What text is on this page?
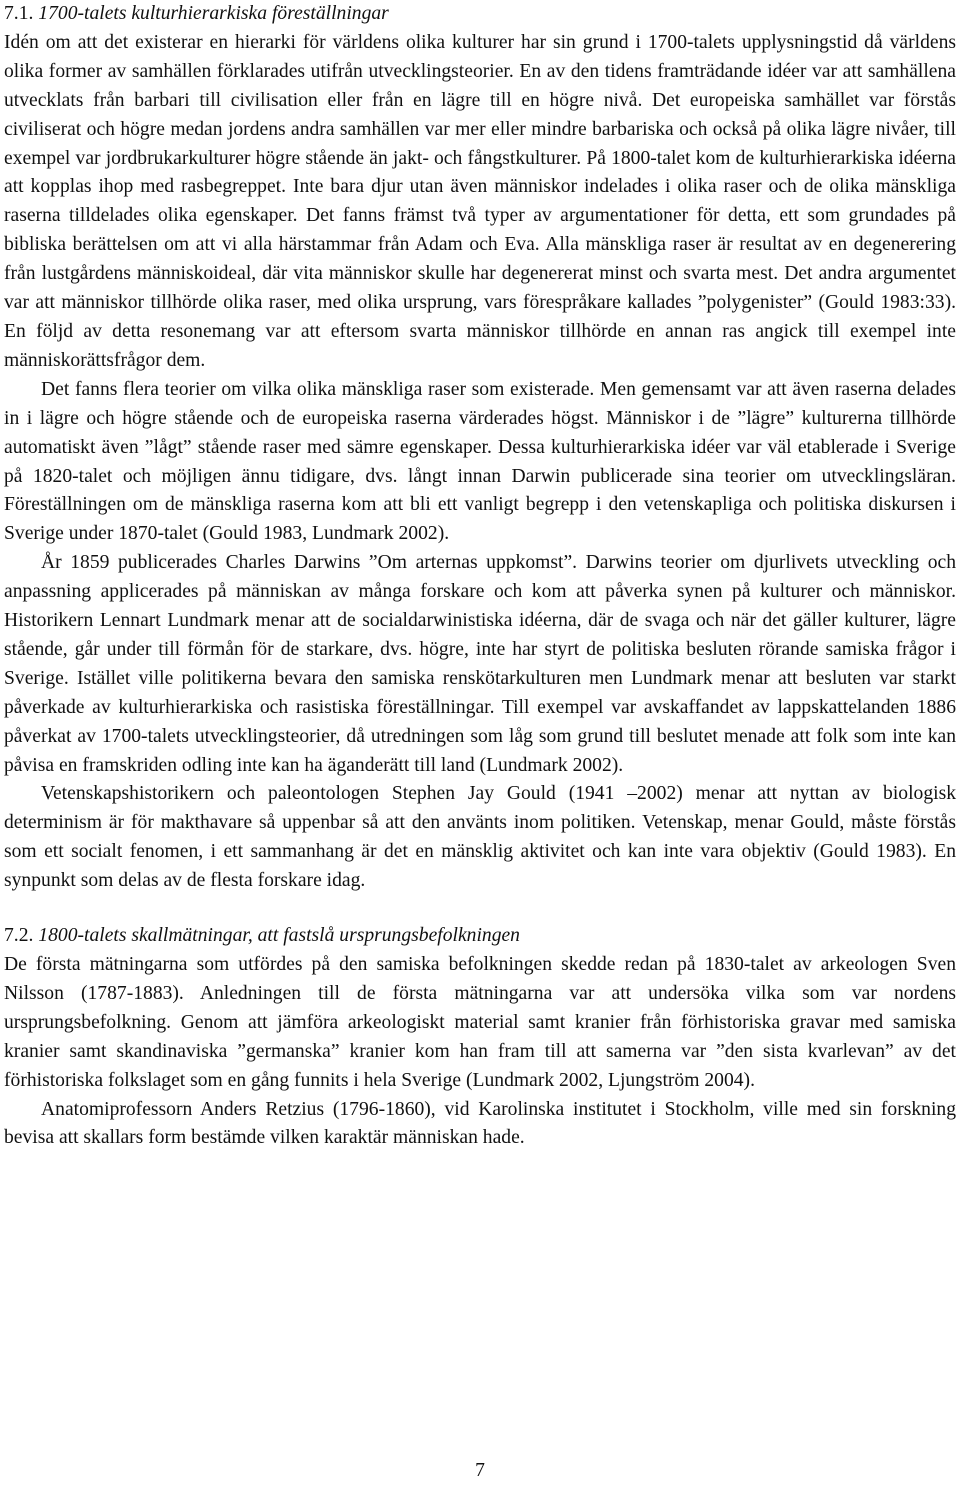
7.1. 1700-talets kulturhierarkiska föreställningar

Idén om att det existerar en hierarki för världens olika kulturer har sin grund i 1700-talets upplysningstid då världens olika former av samhällen förklarades utifrån utvecklingsteorier. En av den tidens framträdande idéer var att samhällena utvecklats från barbari till civilisation eller från en lägre till en högre nivå. Det europeiska samhället var förstås civiliserat och högre medan jordens andra samhällen var mer eller mindre barbariska och också på olika lägre nivåer, till exempel var jordbrukarkulturer högre stående än jakt- och fångstkulturer. På 1800-talet kom de kulturhierarkiska idéerna att kopplas ihop med rasbegreppet. Inte bara djur utan även människor indelades i olika raser och de olika mänskliga raserna tilldelades olika egenskaper. Det fanns främst två typer av argumentationer för detta, ett som grundades på bibliska berättelsen om att vi alla härstammar från Adam och Eva. Alla mänskliga raser är resultat av en degenerering från lustgårdens människoideal, där vita människor skulle har degenererat minst och svarta mest. Det andra argumentet var att människor tillhörde olika raser, med olika ursprung, vars förespråkare kallades ”polygenister” (Gould 1983:33). En följd av detta resonemang var att eftersom svarta människor tillhörde en annan ras angick till exempel inte människorättsfrågor dem.

Det fanns flera teorier om vilka olika mänskliga raser som existerade. Men gemensamt var att även raserna delades in i lägre och högre stående och de europeiska raserna värderades högst. Människor i de ”lägre” kulturerna tillhörde automatiskt även ”lågt” stående raser med sämre egenskaper. Dessa kulturhierarkiska idéer var väl etablerade i Sverige på 1820-talet och möjligen ännu tidigare, dvs. långt innan Darwin publicerade sina teorier om utvecklingsläran. Föreställningen om de mänskliga raserna kom att bli ett vanligt begrepp i den vetenskapliga och politiska diskursen i Sverige under 1870-talet (Gould 1983, Lundmark 2002).

År 1859 publicerades Charles Darwins ”Om arternas uppkomst”. Darwins teorier om djurlivets utveckling och anpassning applicerades på människan av många forskare och kom att påverka synen på kulturer och människor. Historikern Lennart Lundmark menar att de socialdarwinistiska idéerna, där de svaga och när det gäller kulturer, lägre stående, går under till förmån för de starkare, dvs. högre, inte har styrt de politiska besluten rörande samiska frågor i Sverige. Istället ville politikerna bevara den samiska renskötarkulturen men Lundmark menar att besluten var starkt påverkade av kulturhierarkiska och rasistiska föreställningar. Till exempel var avskaffandet av lappskattelanden 1886 påverkat av 1700-talets utvecklingsteorier, då utredningen som låg som grund till beslutet menade att folk som inte kan påvisa en framskriden odling inte kan ha äganderätt till land (Lundmark 2002).

Vetenskapshistorikern och paleontologen Stephen Jay Gould (1941 –2002) menar att nyttan av biologisk determinism är för makthavare så uppenbar så att den använts inom politiken. Vetenskap, menar Gould, måste förstås som ett socialt fenomen, i ett sammanhang är det en mänsklig aktivitet och kan inte vara objektiv (Gould 1983). En synpunkt som delas av de flesta forskare idag.

7.2. 1800-talets skallmätningar, att fastslå ursprungsbefolkningen

De första mätningarna som utfördes på den samiska befolkningen skedde redan på 1830-talet av arkeologen Sven Nilsson (1787-1883). Anledningen till de första mätningarna var att undersöka vilka som var nordens ursprungsbefolkning. Genom att jämföra arkeologiskt material samt kranier från förhistoriska gravar med samiska kranier samt skandinaviska ”germanska” kranier kom han fram till att samerna var ”den sista kvarlevan” av det förhistoriska folkslaget som en gång funnits i hela Sverige (Lundmark 2002, Ljungström 2004).

Anatomiprofessorn Anders Retzius (1796-1860), vid Karolinska institutet i Stockholm, ville med sin forskning bevisa att skallars form bestämde vilken karaktär människan hade.

7
